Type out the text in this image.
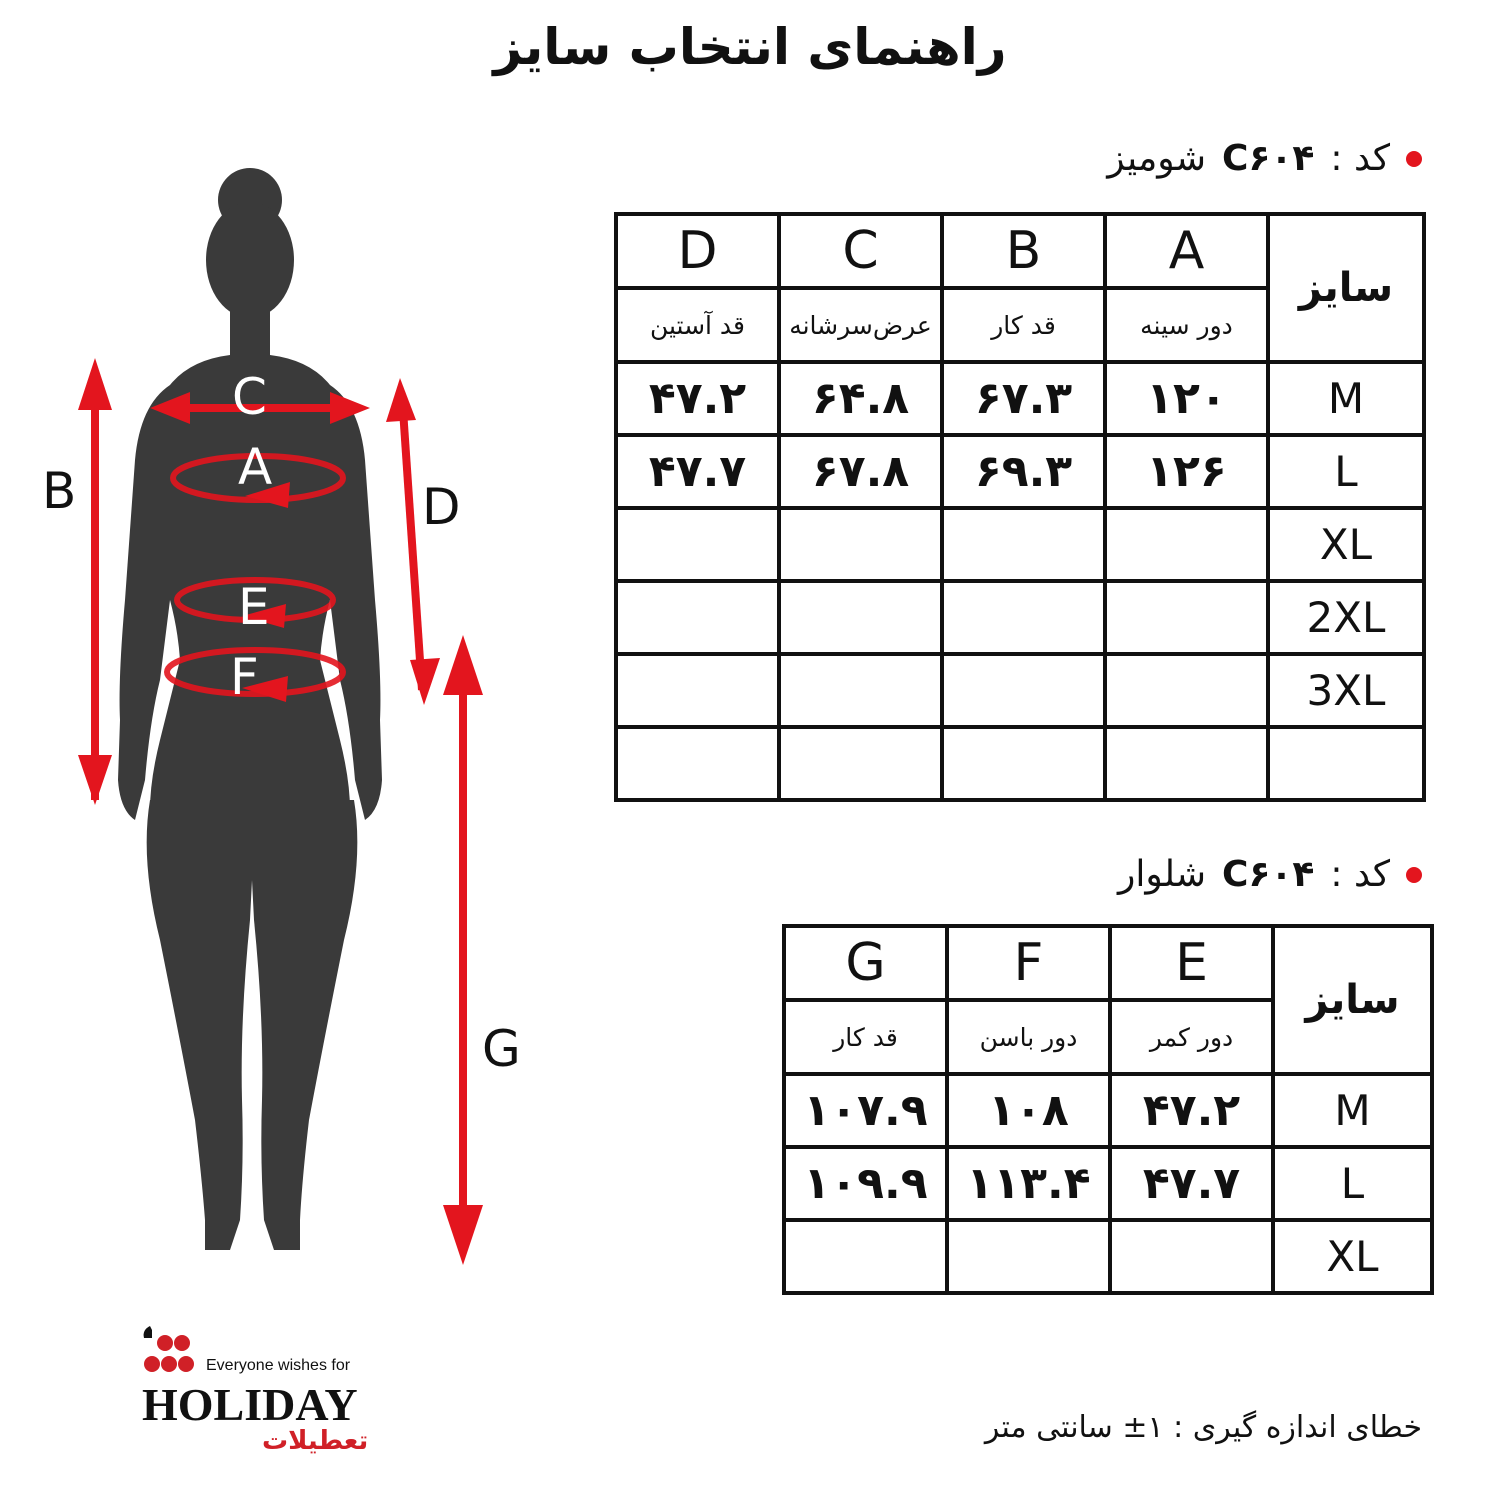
راهنمای انتخاب سایز
C
A
E
F
B	D
G
کد :
C۶۰۴
شومیز
D	C	B	A	سایز
قد آستین	عرض‌سرشانه	قد کار	دور سینه	
۴۷.۲	۶۴.۸	۶۷.۳	۱۲۰	M
۴۷.۷	۶۷.۸	۶۹.۳	۱۲۶	L
				XL
				2XL
				3XL

کد :
C۶۰۴
شلوار
G	F	E	سایز
قد کار	دور باسن	دور کمر	
۱۰۷.۹	۱۰۸	۴۷.۲	M
۱۰۹.۹	۱۱۳.۴	۴۷.۷	L
			XL
خطای اندازه گیری : ۱± سانتی متر
Everyone wishes for
HOLIDAY
تعطیلات
